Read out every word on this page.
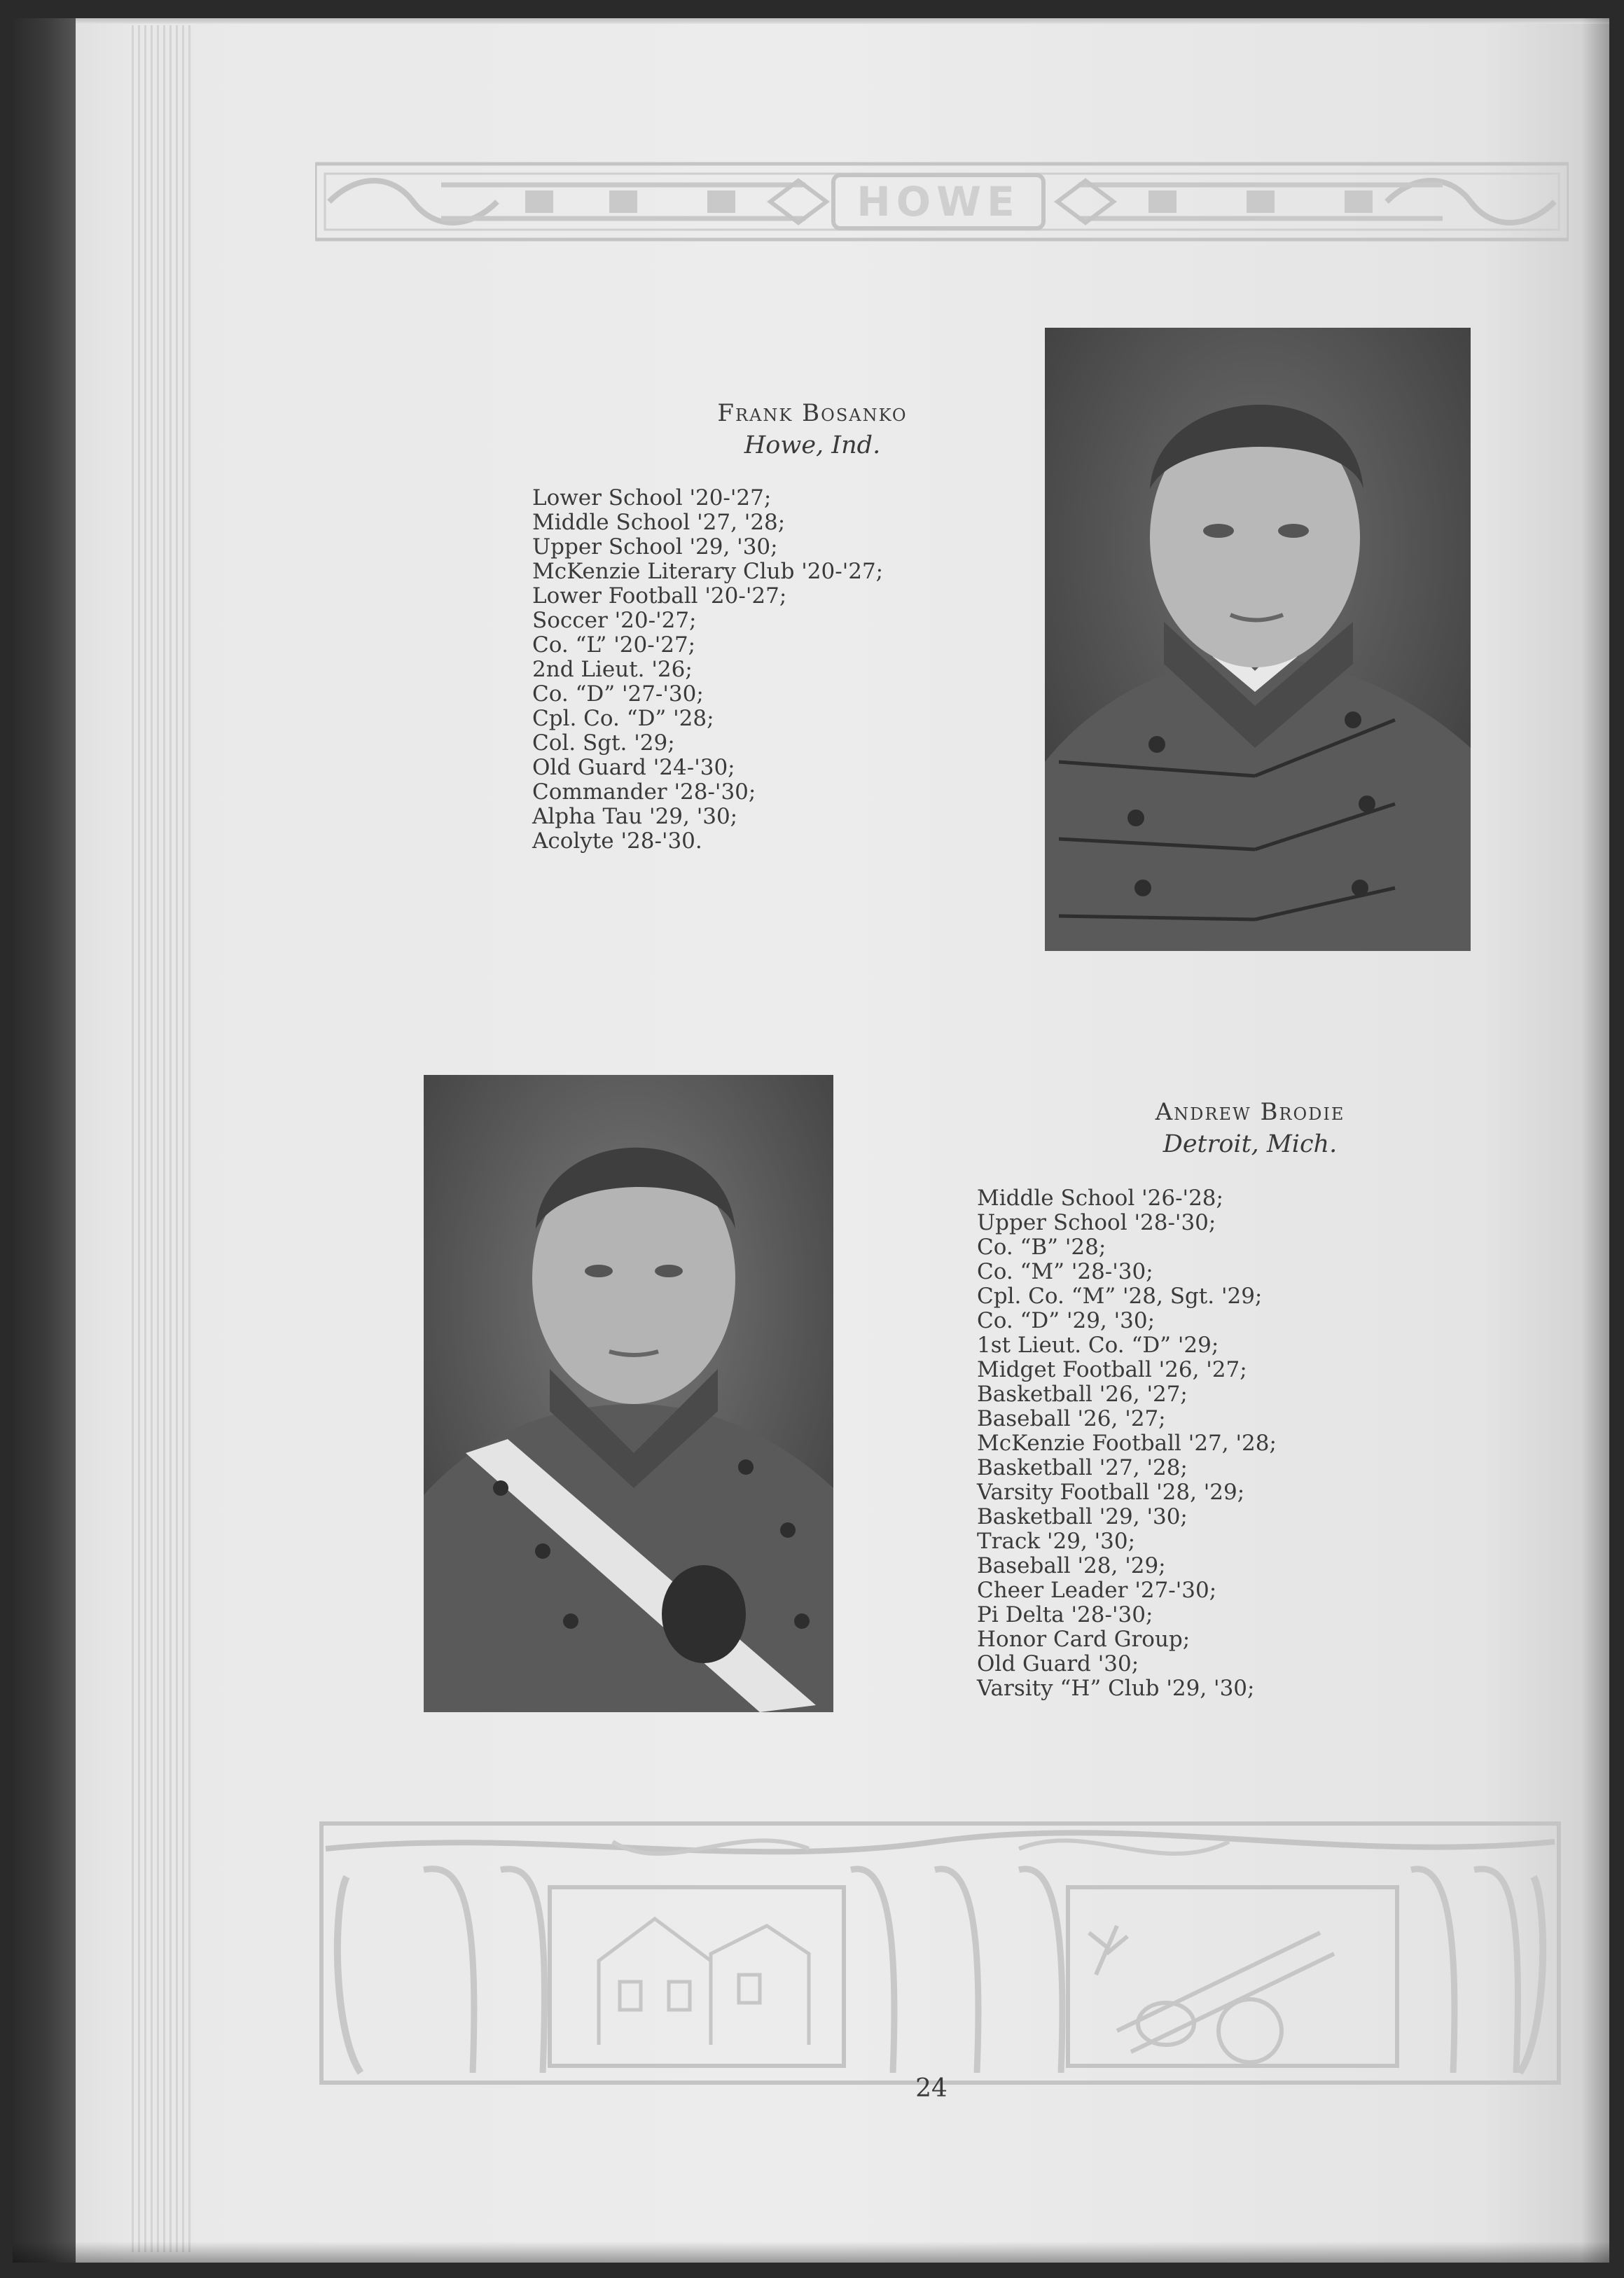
HOWE

Frank Bosanko

Howe, Ind.

Lower School '20-'27;
Middle School '27, '28;
Upper School '29, '30;
McKenzie Literary Club '20-'27;
Lower Football '20-'27;
Soccer '20-'27;
Co. “L” '20-'27;
2nd Lieut. '26;
Co. “D” '27-'30;
Cpl. Co. “D” '28;
Col. Sgt. '29;
Old Guard '24-'30;
Commander '28-'30;
Alpha Tau '29, '30;
Acolyte '28-'30.

Andrew Brodie

Detroit, Mich.

Middle School '26-'28;
Upper School '28-'30;
Co. “B” '28;
Co. “M” '28-'30;
Cpl. Co. “M” '28, Sgt. '29;
Co. “D” '29, '30;
1st Lieut. Co. “D” '29;
Midget Football '26, '27;
Basketball '26, '27;
Baseball '26, '27;
McKenzie Football '27, '28;
Basketball '27, '28;
Varsity Football '28, '29;
Basketball '29, '30;
Track '29, '30;
Baseball '28, '29;
Cheer Leader '27-'30;
Pi Delta '28-'30;
Honor Card Group;
Old Guard '30;
Varsity “H” Club '29, '30;
24
